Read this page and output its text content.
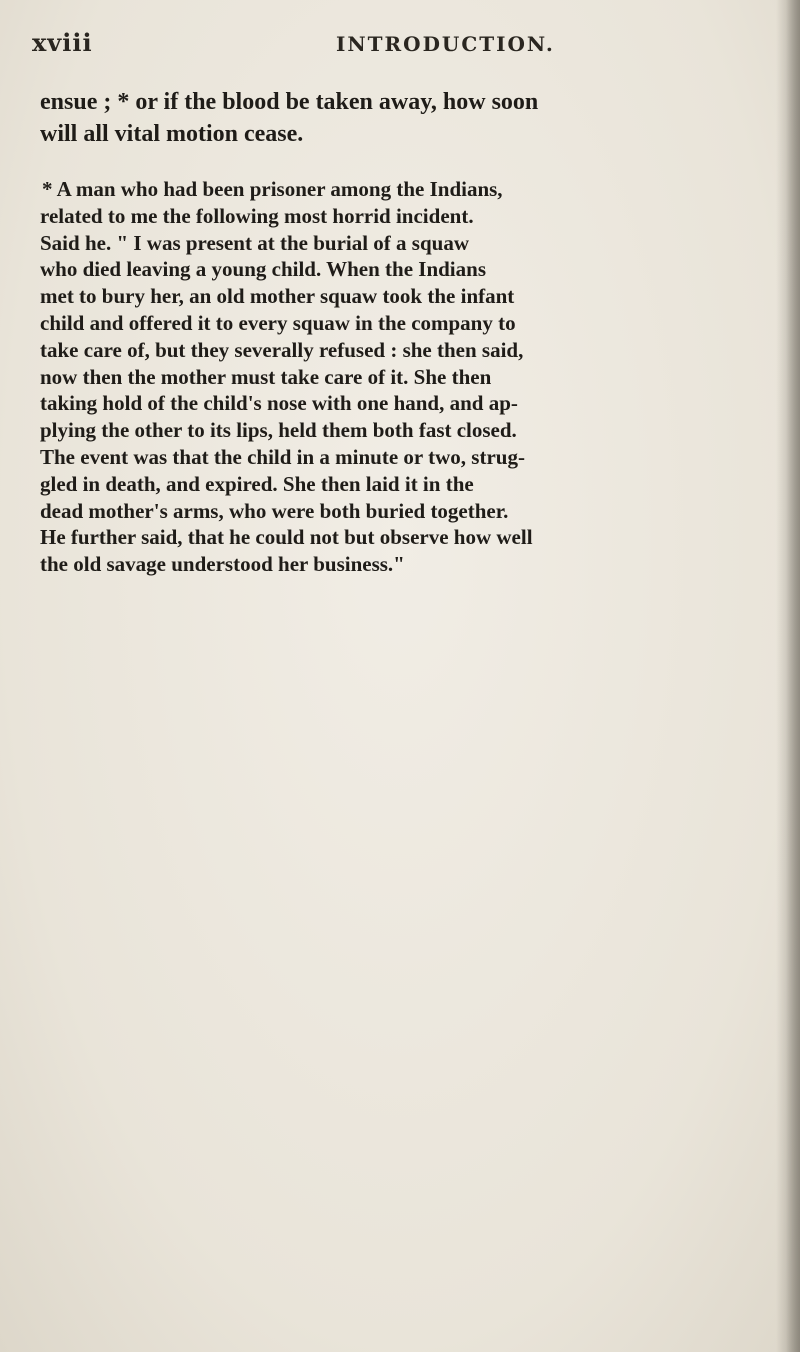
xviii	INTRODUCTION.
ensue ; * or if the blood be taken away, how soon
will all vital motion cease.
* A man who had been prisoner among the Indians,
related to me the following most horrid incident.
Said he. " I was present at the burial of a squaw
who died leaving a young child. When the Indians
met to bury her, an old mother squaw took the infant
child and offered it to every squaw in the company to
take care of, but they severally refused : she then said,
now then the mother must take care of it. She then
taking hold of the child's nose with one hand, and ap-
plying the other to its lips, held them both fast closed.
The event was that the child in a minute or two, strug-
gled in death, and expired. She then laid it in the
dead mother's arms, who were both buried together.
He further said, that he could not but observe how well
the old savage understood her business."
